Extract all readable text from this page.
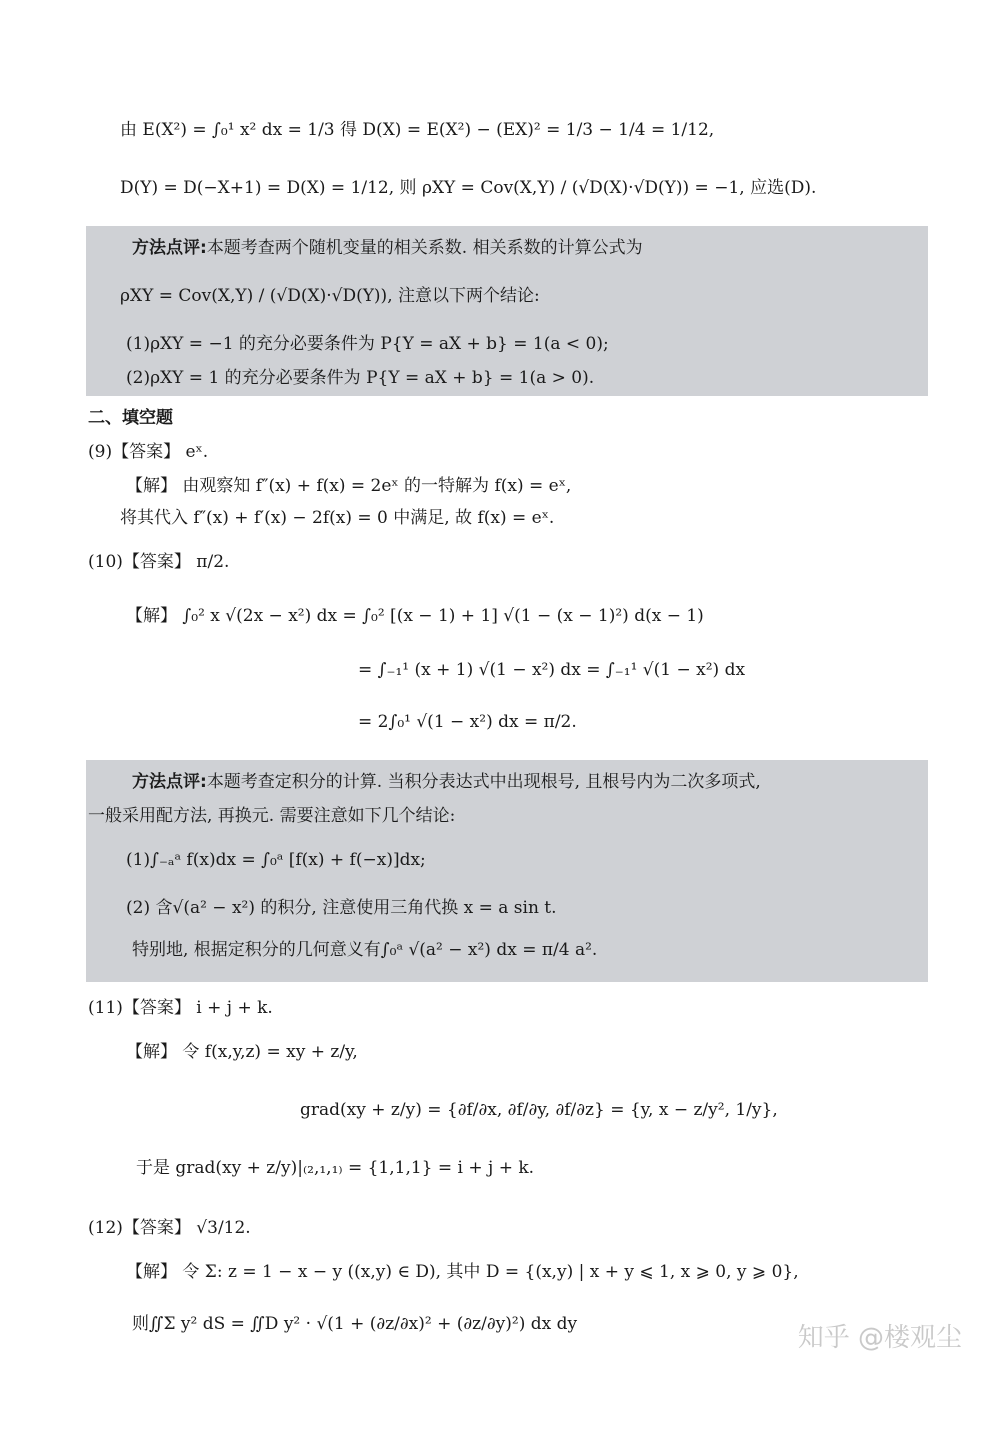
由 E(X²) = ∫₀¹ x² dx = 1/3 得 D(X) = E(X²) − (EX)² = 1/3 − 1/4 = 1/12,
D(Y) = D(−X+1) = D(X) = 1/12, 则 ρXY = Cov(X,Y) / (√D(X)·√D(Y)) = −1, 应选(D).
方法点评:本题考查两个随机变量的相关系数. 相关系数的计算公式为
ρXY = Cov(X,Y) / (√D(X)·√D(Y)), 注意以下两个结论:
(1)ρXY = −1 的充分必要条件为 P{Y = aX + b} = 1(a < 0);
(2)ρXY = 1 的充分必要条件为 P{Y = aX + b} = 1(a > 0).
二、填空题
(9)【答案】 eˣ.
【解】 由观察知 f″(x) + f(x) = 2eˣ 的一特解为 f(x) = eˣ,
将其代入 f″(x) + f′(x) − 2f(x) = 0 中满足, 故 f(x) = eˣ.
(10)【答案】 π/2.
【解】 ∫₀² x √(2x − x²) dx = ∫₀² [(x − 1) + 1] √(1 − (x − 1)²) d(x − 1)
= ∫₋₁¹ (x + 1) √(1 − x²) dx = ∫₋₁¹ √(1 − x²) dx
= 2∫₀¹ √(1 − x²) dx = π/2.
方法点评:本题考查定积分的计算. 当积分表达式中出现根号, 且根号内为二次多项式,
一般采用配方法, 再换元. 需要注意如下几个结论:
(1)∫₋ₐᵃ f(x)dx = ∫₀ᵃ [f(x) + f(−x)]dx;
(2) 含√(a² − x²) 的积分, 注意使用三角代换 x = a sin t.
特别地, 根据定积分的几何意义有∫₀ᵃ √(a² − x²) dx = π/4 a².
(11)【答案】 i + j + k.
【解】 令 f(x,y,z) = xy + z/y,
grad(xy + z/y) = {∂f/∂x, ∂f/∂y, ∂f/∂z} = {y, x − z/y², 1/y},
于是 grad(xy + z/y)|₍₂,₁,₁₎ = {1,1,1} = i + j + k.
(12)【答案】 √3/12.
【解】 令 Σ: z = 1 − x − y ((x,y) ∈ D), 其中 D = {(x,y) | x + y ⩽ 1, x ⩾ 0, y ⩾ 0},
则∬Σ y² dS = ∬D y² · √(1 + (∂z/∂x)² + (∂z/∂y)²) dx dy	知乎 @楼观尘
